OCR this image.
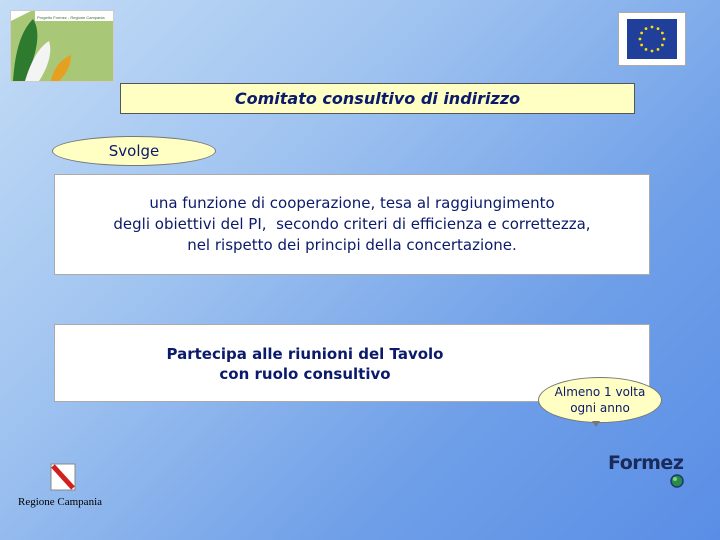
Progetto Formez - Regione Campania
Comitato consultivo di indirizzo
Svolge
una funzione di cooperazione, tesa al raggiungimento
degli obiettivi del PI,  secondo criteri di efficienza e correttezza,
nel rispetto dei principi della concertazione.
Partecipa alle riunioni del Tavolo
con ruolo consultivo
Almeno 1 volta
ogni anno
Regione Campania
Formez
